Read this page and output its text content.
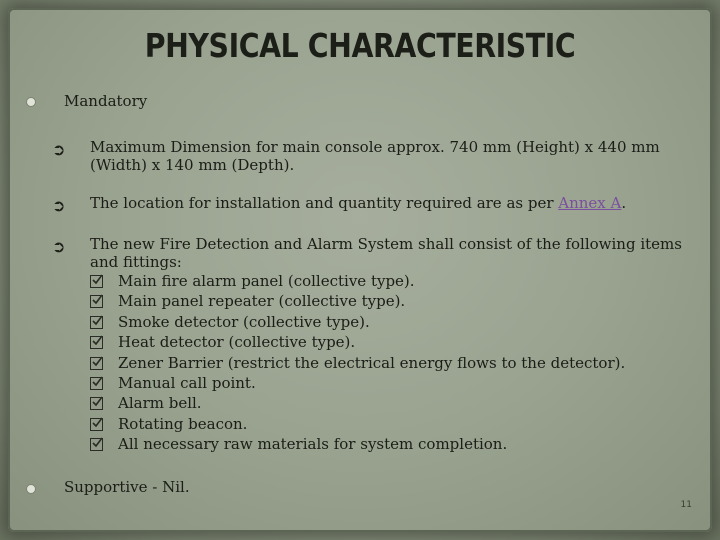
PHYSICAL CHARACTERISTIC
Mandatory
➲ Maximum Dimension for main console approx. 740 mm (Height) x 440 mm (Width) x 140 mm (Depth).
➲ The location for installation and quantity required are as per Annex A.
➲ The new Fire Detection and Alarm System shall consist of the following items and fittings:
Main fire alarm panel (collective type).
Main panel repeater (collective type).
Smoke detector (collective type).
Heat detector (collective type).
Zener Barrier (restrict the electrical energy flows to the detector).
Manual call point.
Alarm bell.
Rotating beacon.
All necessary raw materials for system completion.
Supportive - Nil.
11
